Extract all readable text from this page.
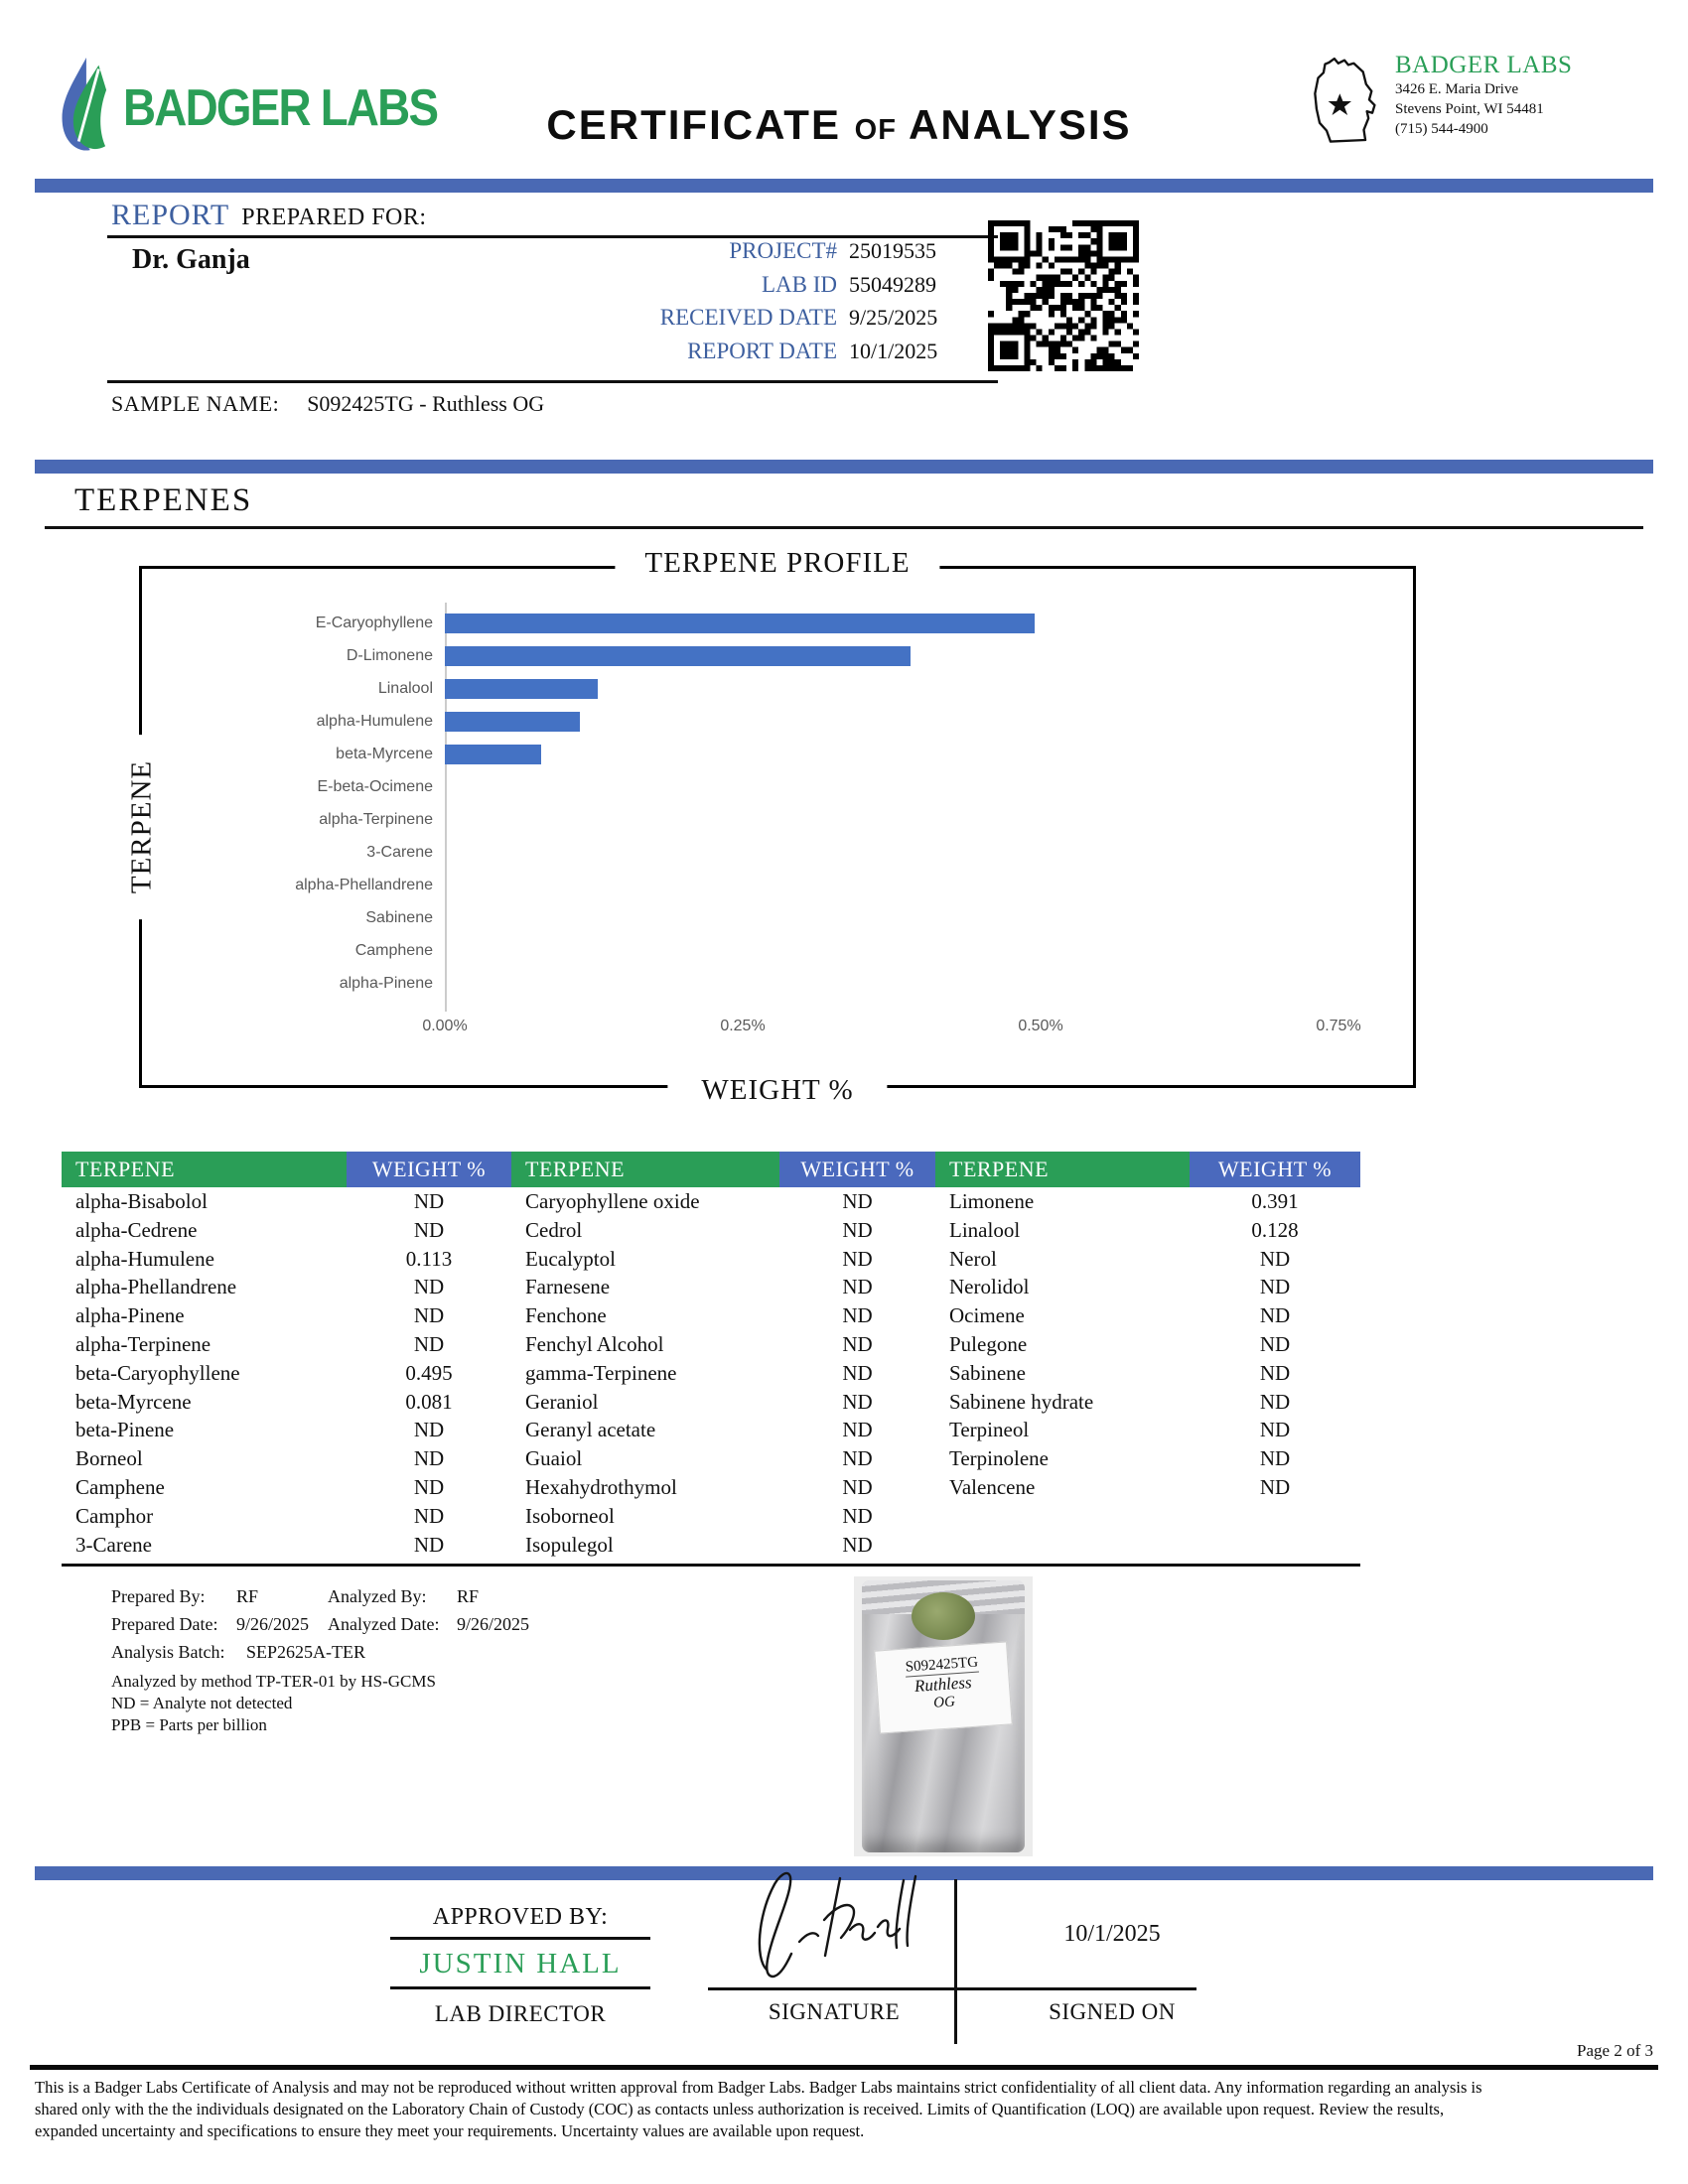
BADGER LABS	CERTIFICATE OF ANALYSIS
BADGER LABS
3426 E. Maria Drive
Stevens Point, WI 54481
(715) 544-4900
REPORT PREPARED FOR:
Dr. Ganja	PROJECT# 25019535
LAB ID 55049289
RECEIVED DATE 9/25/2025
REPORT DATE 10/1/2025
SAMPLE NAME: S092425TG - Ruthless OG
TERPENES
TERPENE PROFILE
TERPENE
WEIGHT %
E-Caryophyllene
D-Limonene
Linalool
alpha-Humulene
beta-Myrcene
E-beta-Ocimene
alpha-Terpinene
3-Carene
alpha-Phellandrene
Sabinene
Camphene
alpha-Pinene
0.00%	0.25%	0.50%	0.75%
TERPENE	WEIGHT %	TERPENE	WEIGHT %	TERPENE	WEIGHT %
alpha-Bisabolol	ND	Caryophyllene oxide	ND	Limonene	0.391
alpha-Cedrene	ND	Cedrol	ND	Linalool	0.128
alpha-Humulene	0.113	Eucalyptol	ND	Nerol	ND
alpha-Phellandrene	ND	Farnesene	ND	Nerolidol	ND
alpha-Pinene	ND	Fenchone	ND	Ocimene	ND
alpha-Terpinene	ND	Fenchyl Alcohol	ND	Pulegone	ND
beta-Caryophyllene	0.495	gamma-Terpinene	ND	Sabinene	ND
beta-Myrcene	0.081	Geraniol	ND	Sabinene hydrate	ND
beta-Pinene	ND	Geranyl acetate	ND	Terpineol	ND
Borneol	ND	Guaiol	ND	Terpinolene	ND
Camphene	ND	Hexahydrothymol	ND	Valencene	ND
Camphor	ND	Isoborneol	ND
3-Carene	ND	Isopulegol	ND
Prepared By: RF	Analyzed By: RF
Prepared Date: 9/26/2025 Analyzed Date: 9/26/2025
Analysis Batch: SEP2625A-TER
Analyzed by method TP-TER-01 by HS-GCMS
ND = Analyte not detected
PPB = Parts per billion
S092425TG
Ruthless
OG
APPROVED BY:
JUSTIN HALL
LAB DIRECTOR
10/1/2025
SIGNATURE	SIGNED ON
Page 2 of 3
This is a Badger Labs Certificate of Analysis and may not be reproduced without written approval from Badger Labs. Badger Labs maintains strict confidentiality of all client data. Any information regarding an analysis is shared only with the the individuals designated on the Laboratory Chain of Custody (COC) as contacts unless authorization is received. Limits of Quantification (LOQ) are available upon request. Review the results, expanded uncertainty and specifications to ensure they meet your requirements. Uncertainty values are available upon request.
